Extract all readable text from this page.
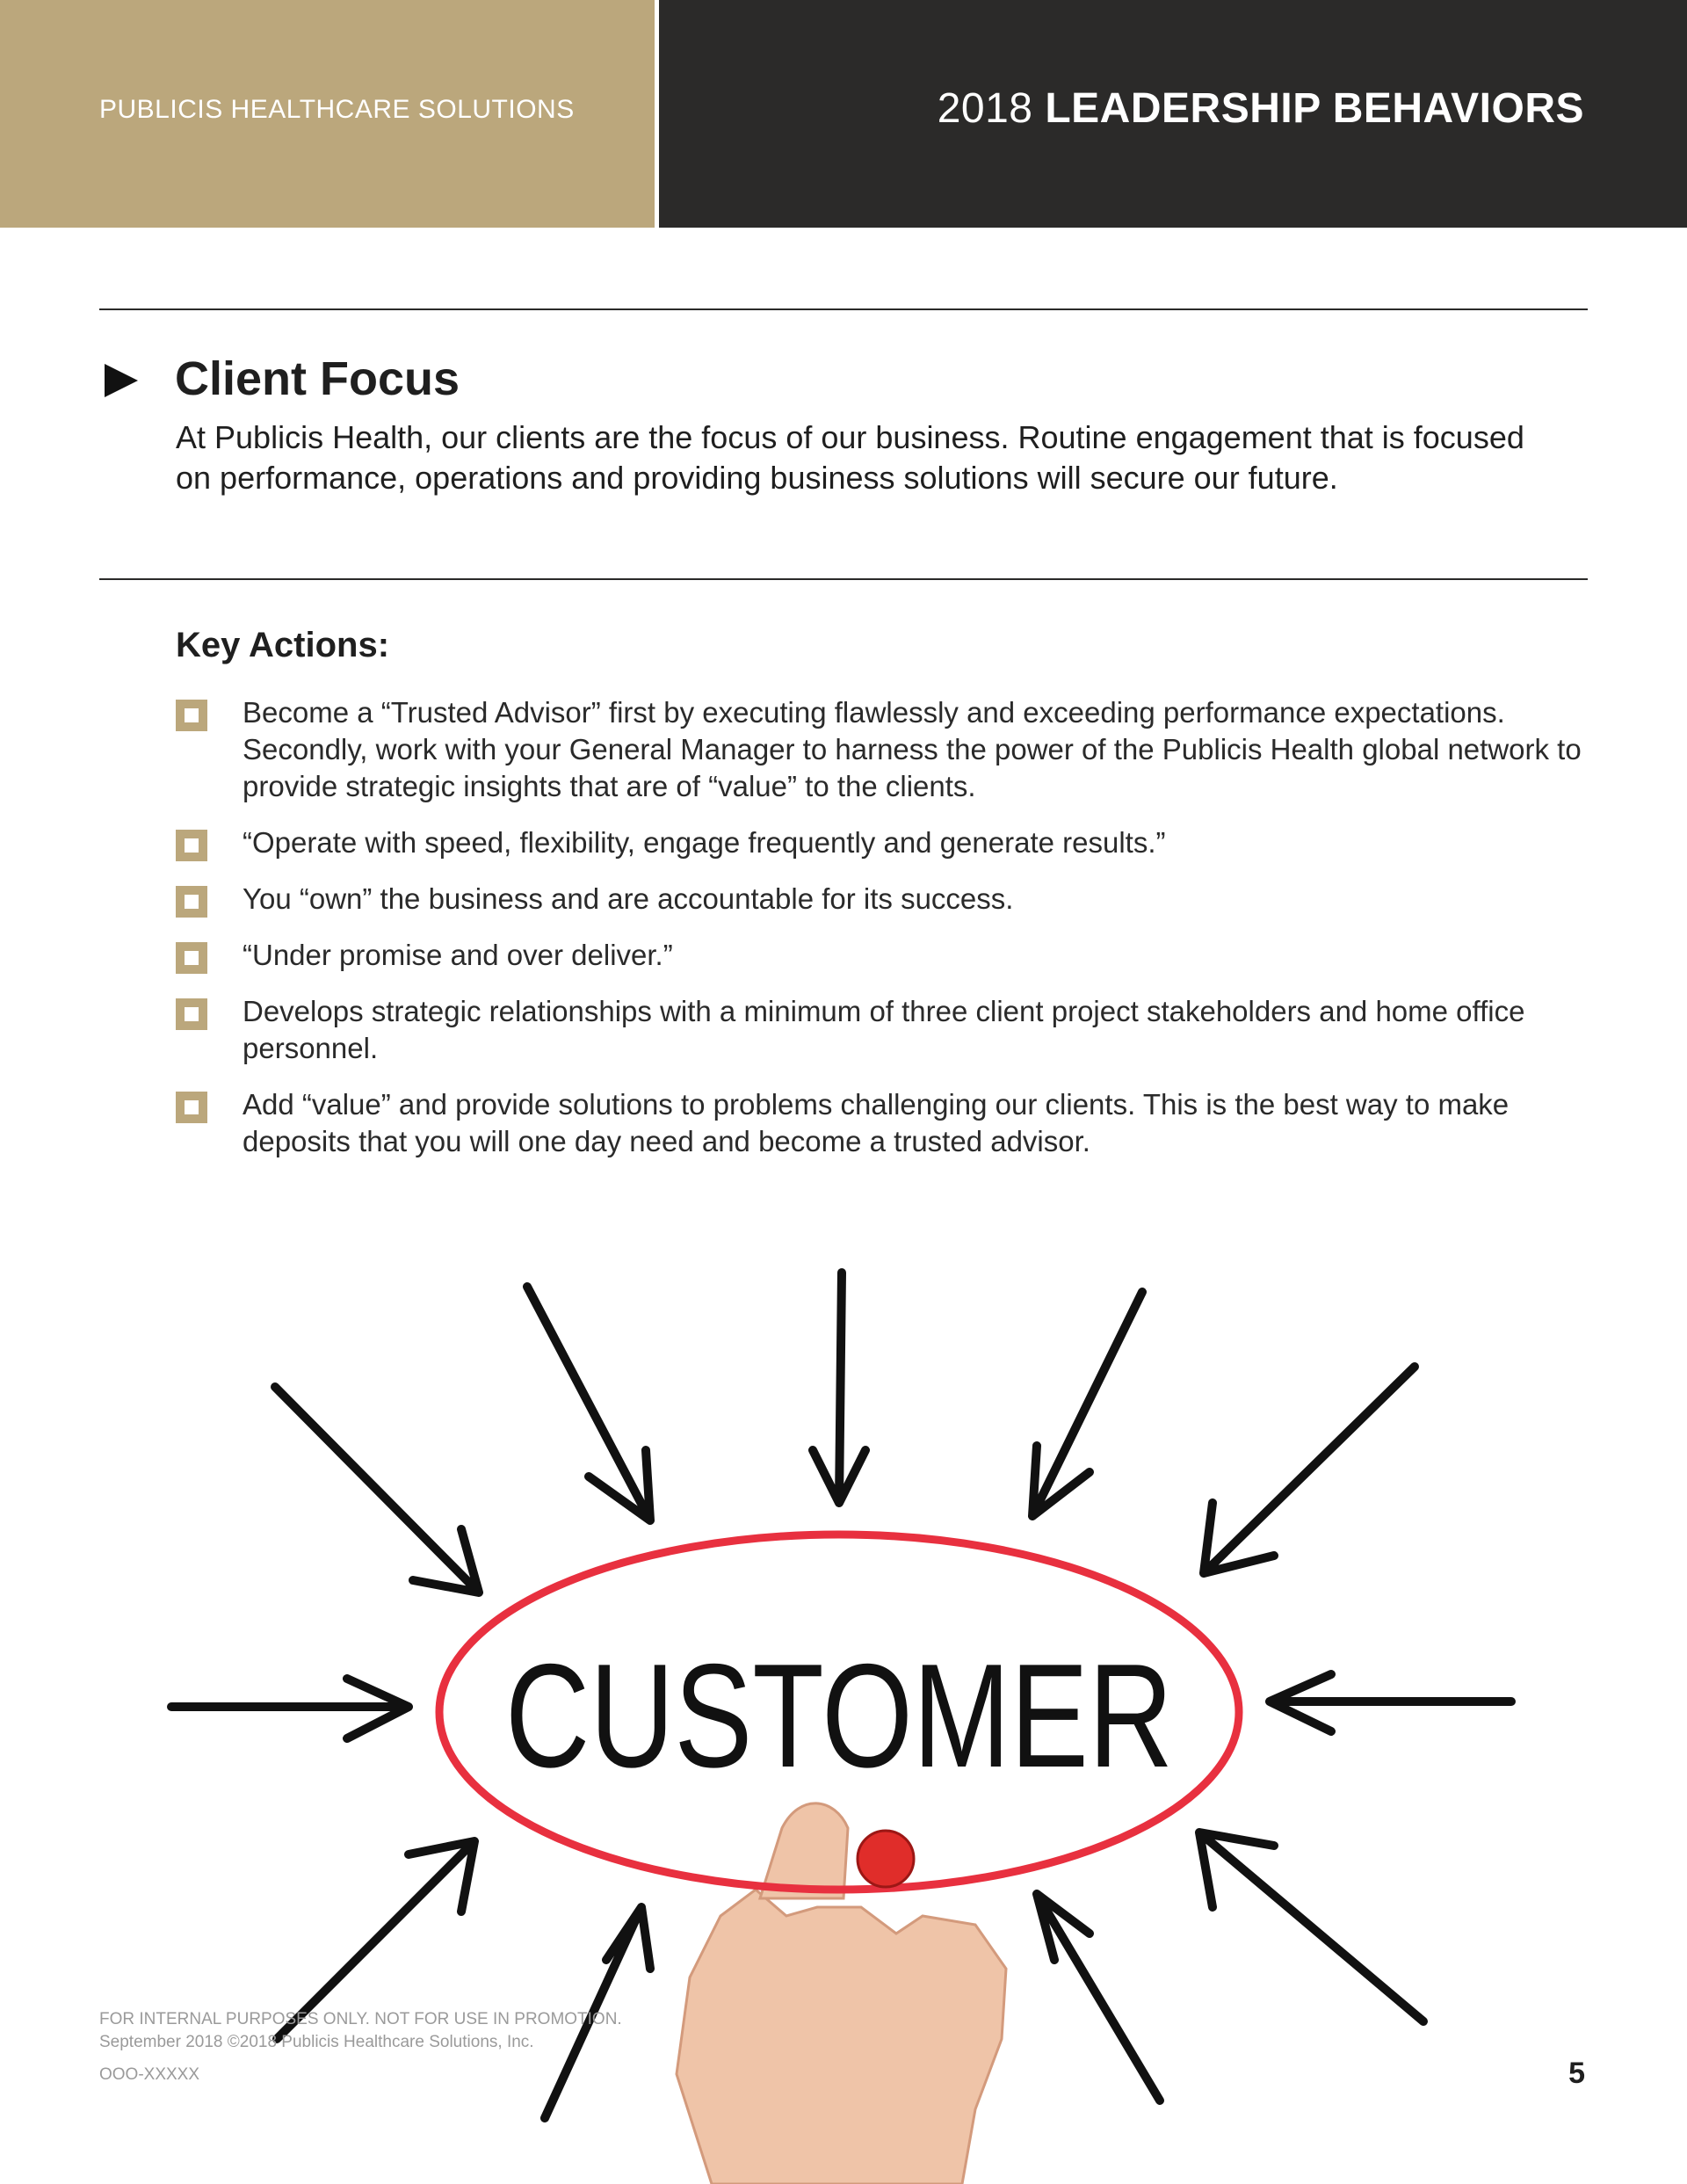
PUBLICIS HEALTHCARE SOLUTIONS	2018 LEADERSHIP BEHAVIORS
Client Focus

At Publicis Health, our clients are the focus of our business. Routine engagement that is focused on performance, operations and providing business solutions will secure our future.

Key Actions:
Become a “Trusted Advisor” first by executing flawlessly and exceeding performance expectations. Secondly, work with your General Manager to harness the power of the Publicis Health global network to provide strategic insights that are of “value” to the clients.
“Operate with speed, flexibility, engage frequently and generate results.”
You “own” the business and are accountable for its success.
“Under promise and over deliver.”
Develops strategic relationships with a minimum of three client project stakeholders and home office personnel.
Add “value” and provide solutions to problems challenging our clients. This is the best way to make deposits that you will one day need and become a trusted advisor.
CUSTOMER
FOR INTERNAL PURPOSES ONLY. NOT FOR USE IN PROMOTION.
September 2018 ©2018 Publicis Healthcare Solutions, Inc.
OOO-XXXXX	5
